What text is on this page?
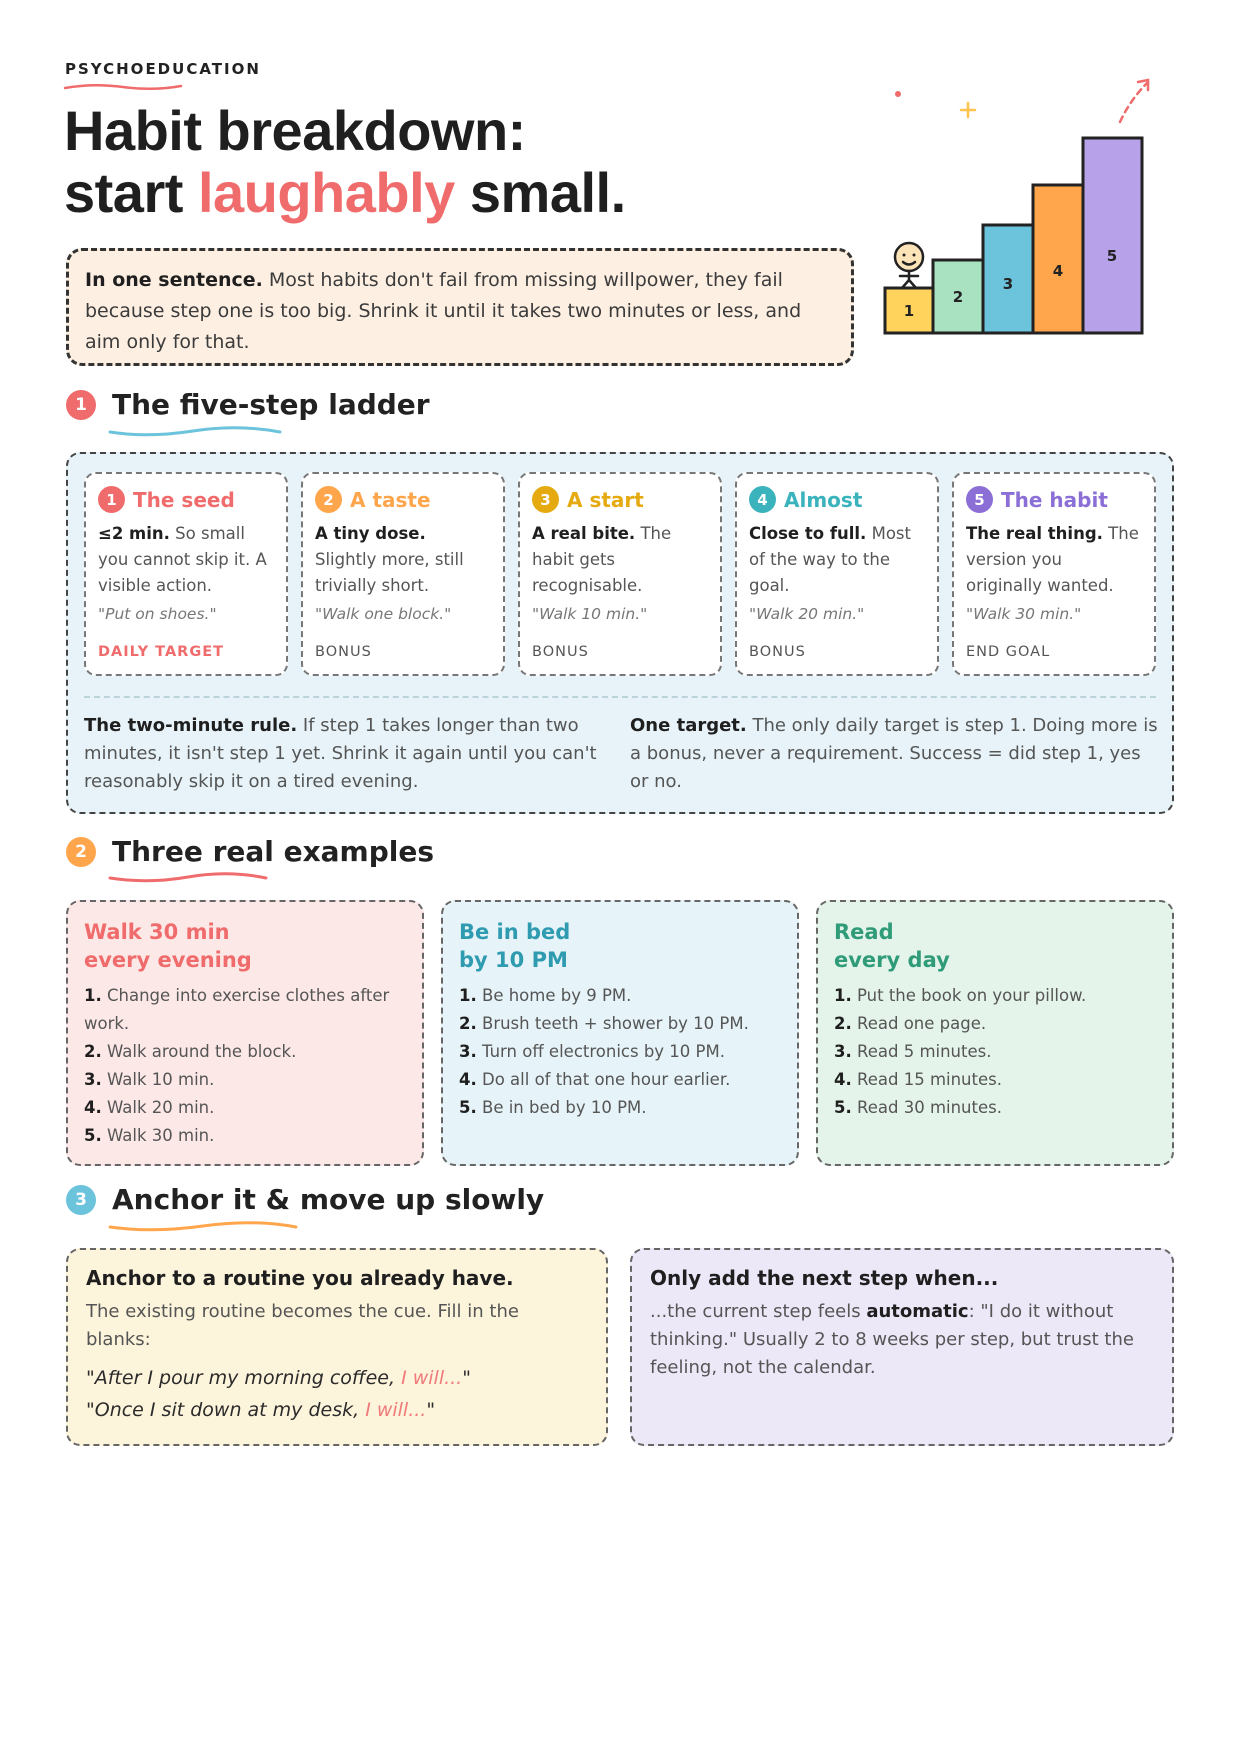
PSYCHOEDUCATION
Habit breakdown:
start laughably small.
In one sentence. Most habits don't fail from missing willpower, they fail because step one is too big. Shrink it until it takes two minutes or less, and aim only for that.
1
2
3
4
5
1 The five-step ladder
1 The seed
≤2 min. So small you cannot skip it. A visible action.
"Put on shoes."
DAILY TARGET
2 A taste
A tiny dose. Slightly more, still trivially short.
"Walk one block."
BONUS
3 A start
A real bite. The habit gets recognisable.
"Walk 10 min."
BONUS
4 Almost
Close to full. Most of the way to the goal.
"Walk 20 min."
BONUS
5 The habit
The real thing. The version you originally wanted.
"Walk 30 min."
END GOAL
The two-minute rule. If step 1 takes longer than two minutes, it isn't step 1 yet. Shrink it again until you can't reasonably skip it on a tired evening.
One target. The only daily target is step 1. Doing more is a bonus, never a requirement. Success = did step 1, yes or no.
2 Three real examples
Walk 30 min
every evening
1. Change into exercise clothes after work.
2. Walk around the block.
3. Walk 10 min.
4. Walk 20 min.
5. Walk 30 min.
Be in bed
by 10 PM
1. Be home by 9 PM.
2. Brush teeth + shower by 10 PM.
3. Turn off electronics by 10 PM.
4. Do all of that one hour earlier.
5. Be in bed by 10 PM.
Read
every day
1. Put the book on your pillow.
2. Read one page.
3. Read 5 minutes.
4. Read 15 minutes.
5. Read 30 minutes.
3 Anchor it & move up slowly
Anchor to a routine you already have.
The existing routine becomes the cue. Fill in the blanks:
"After I pour my morning coffee, I will..."
"Once I sit down at my desk, I will..."
Only add the next step when...
...the current step feels automatic: "I do it without thinking." Usually 2 to 8 weeks per step, but trust the feeling, not the calendar.
